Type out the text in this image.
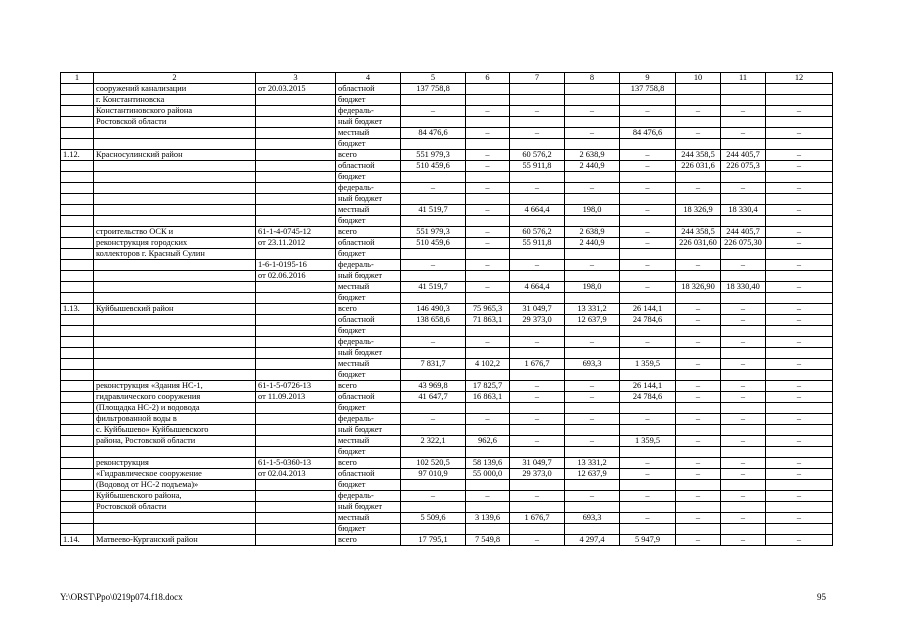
1	2	3	4	5	6	7	8	9	10	11	12
	сооружений канализации	от 20.03.2015	областной	137 758,8				137 758,8			
	г. Константиновска		бюджет								
	Константиновского района		федераль-	–	–	–	–	–	–	–	–
	Ростовской области		ный бюджет								
			местный	84 476,6	–	–	–	84 476,6	–	–	–
			бюджет								
1.12.	Красносулинский район		всего	551 979,3	–	60 576,2	2 638,9	–	244 358,5	244 405,7	–
			областной	510 459,6	–	55 911,8	2 440,9	–	226 031,6	226 075,3	–
			бюджет								
			федераль-	–	–	–	–	–	–	–	–
			ный бюджет								
			местный	41 519,7	–	4 664,4	198,0	–	18 326,9	18 330,4	–
			бюджет								
	строительство ОСК и	61-1-4-0745-12	всего	551 979,3	–	60 576,2	2 638,9	–	244 358,5	244 405,7	–
	реконструкция городских	от 23.11.2012	областной	510 459,6	–	55 911,8	2 440,9	–	226 031,60	226 075,30	–
	коллекторов г. Красный Сулин		бюджет								
		1-6-1-0195-16	федераль-	–	–	–	–	–	–	–	–
		от 02.06.2016	ный бюджет								
			местный	41 519,7	–	4 664,4	198,0	–	18 326,90	18 330,40	–
			бюджет								
1.13.	Куйбышевский район		всего	146 490,3	75 965,3	31 049,7	13 331,2	26 144,1	–	–	–
			областной	138 658,6	71 863,1	29 373,0	12 637,9	24 784,6	–	–	–
			бюджет								
			федераль-	–	–	–	–	–	–	–	–
			ный бюджет								
			местный	7 831,7	4 102,2	1 676,7	693,3	1 359,5	–	–	–
			бюджет								
	реконструкция «Здания НС-1,	61-1-5-0726-13	всего	43 969,8	17 825,7	–	–	26 144,1	–	–	–
	гидравлического сооружения	от 11.09.2013	областной	41 647,7	16 863,1	–	–	24 784,6	–	–	–
	(Площадка НС-2) и водовода		бюджет								
	фильтрованной воды в		федераль-	–	–	–	–	–	–	–	–
	с. Куйбышево» Куйбышевского		ный бюджет								
	района, Ростовской области		местный	2 322,1	962,6	–	–	1 359,5	–	–	–
			бюджет								
	реконструкция	61-1-5-0360-13	всего	102 520,5	58 139,6	31 049,7	13 331,2	–	–	–	–
	«Гидравлическое сооружение	от 02.04.2013	областной	97 010,9	55 000,0	29 373,0	12 637,9	–	–	–	–
	(Водовод от НС-2 подъема)»		бюджет								
	Куйбышевского района,		федераль-	–	–	–	–	–	–	–	–
	Ростовской области		ный бюджет								
			местный	5 509,6	3 139,6	1 676,7	693,3	–	–	–	–
			бюджет								
1.14.	Матвеево-Курганский район		всего	17 795,1	7 549,8	–	4 297,4	5 947,9	–	–	–
Y:\ORST\Ppo\0219p074.f18.docx	95
